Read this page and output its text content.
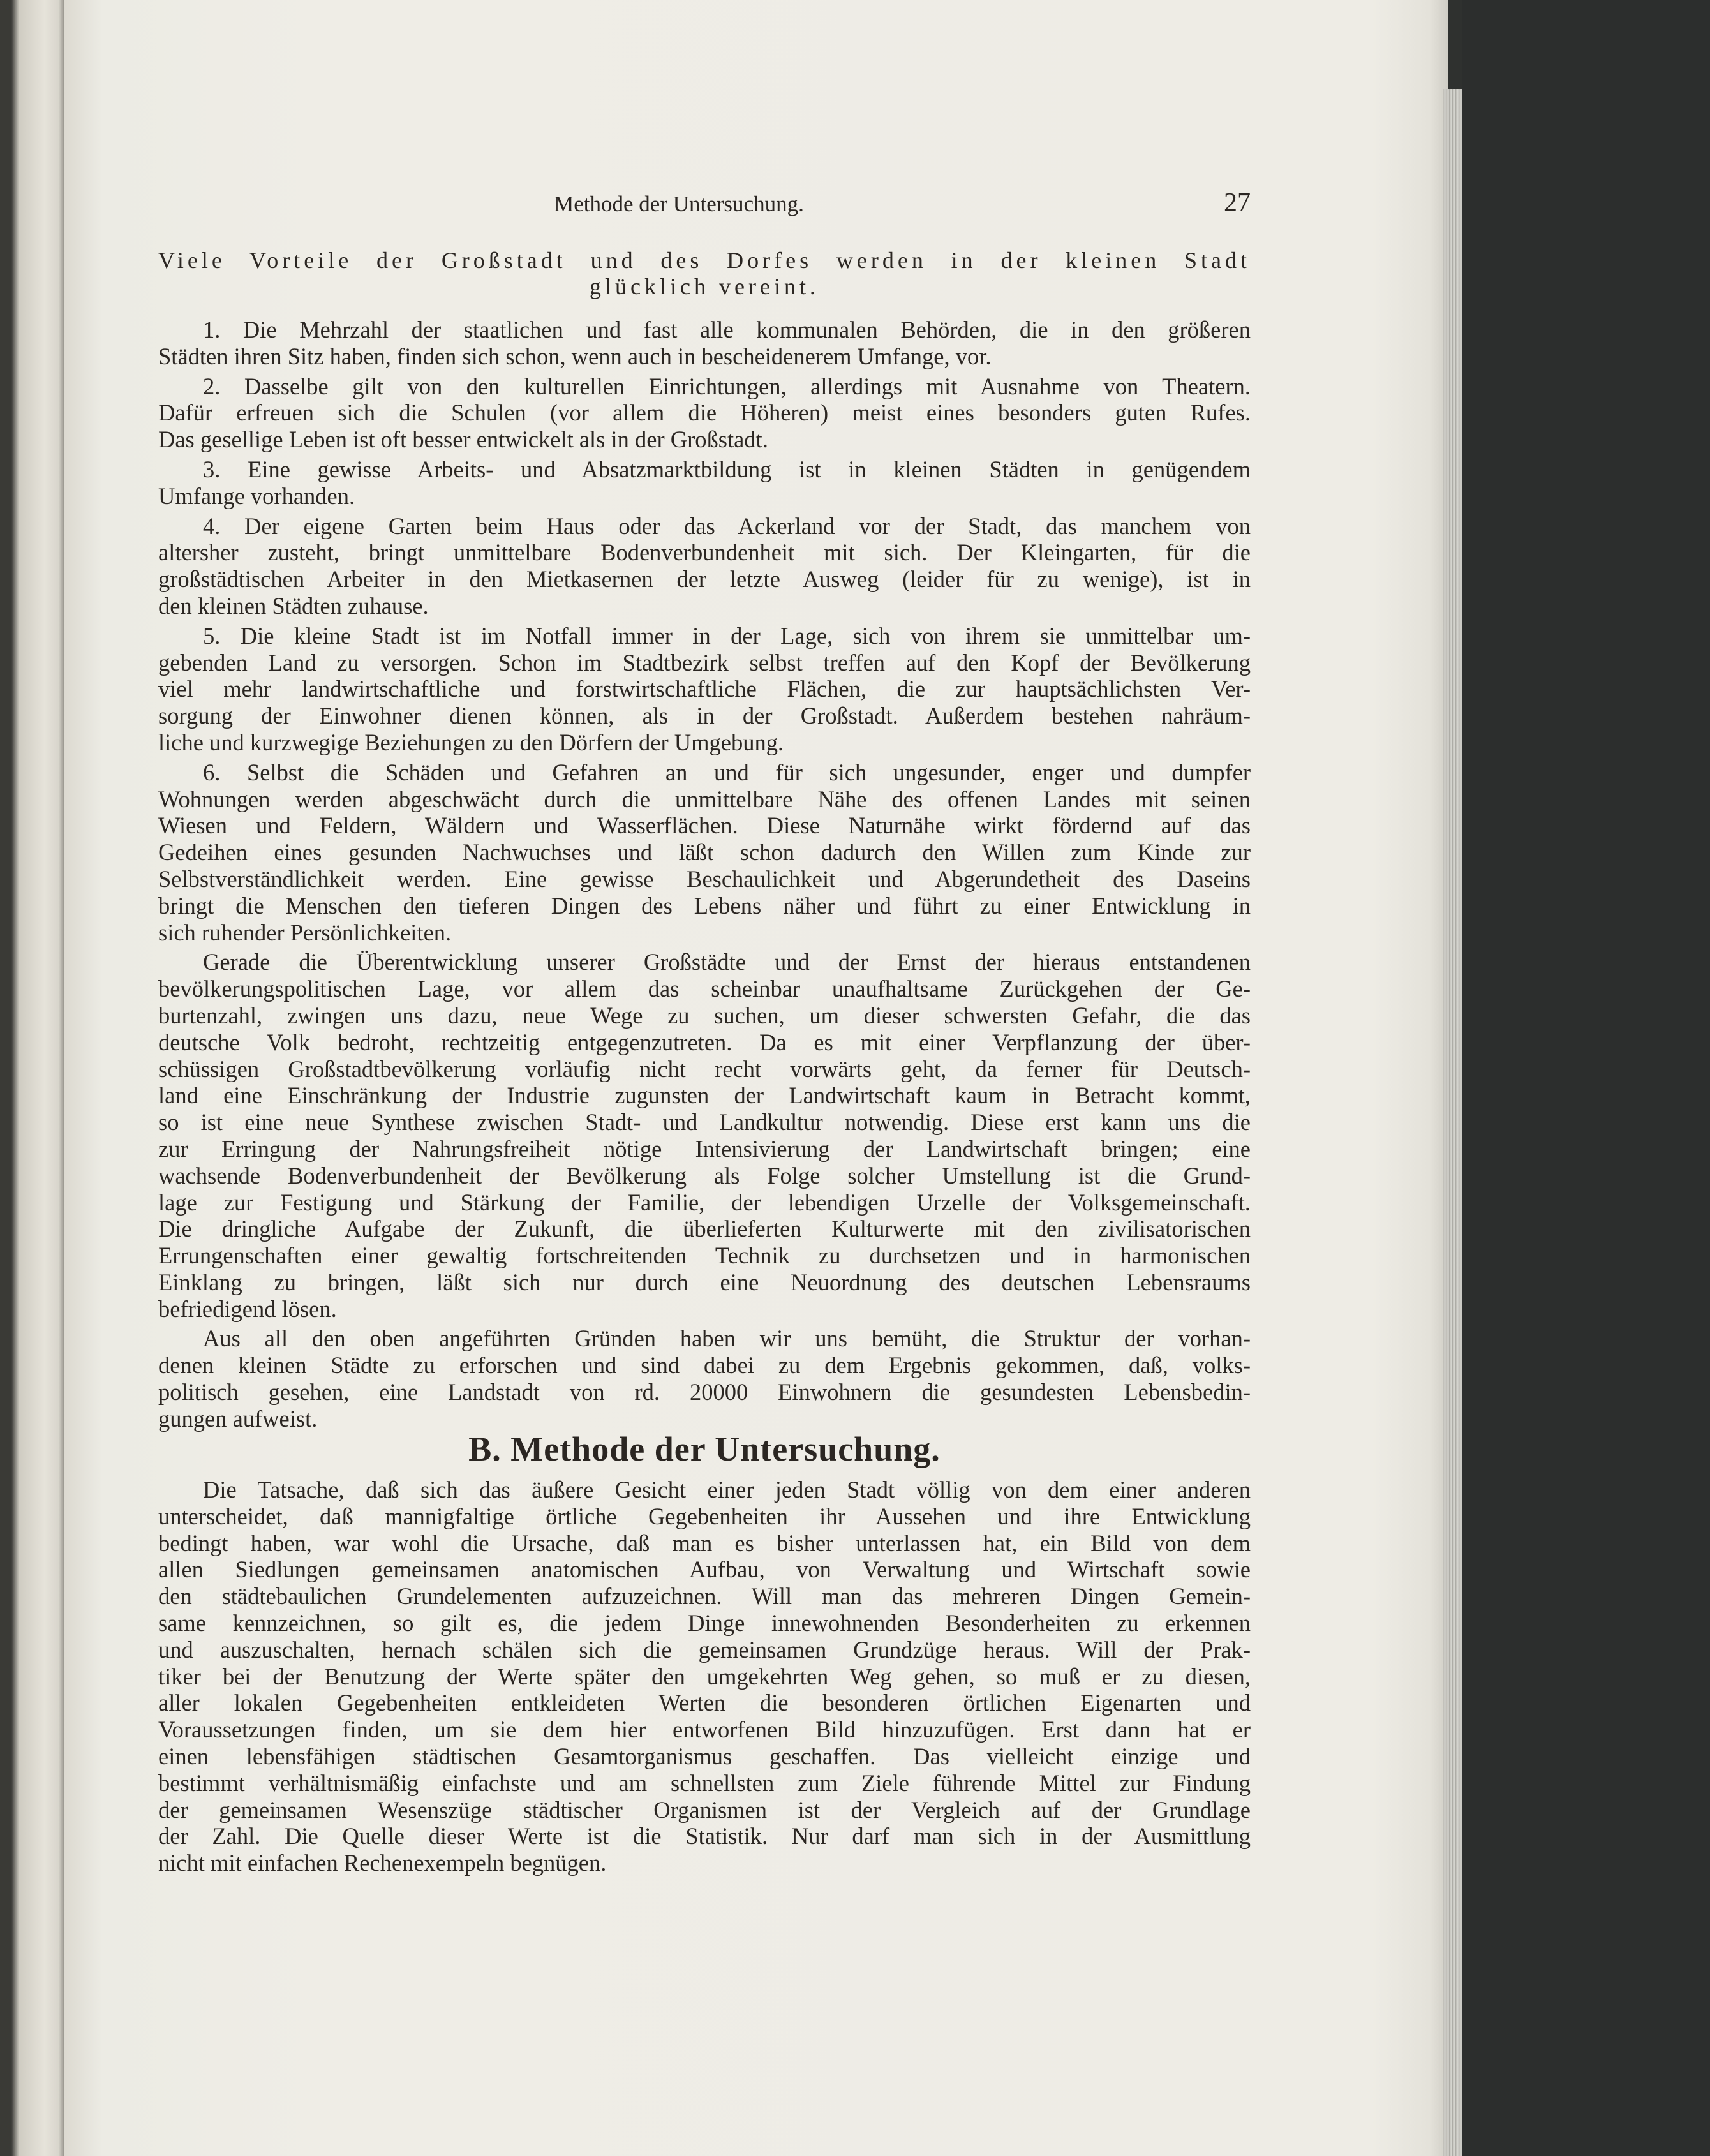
Methode der Untersuchung.	27
Viele Vorteile der Großstadt und des Dorfes werden in der kleinen Stadt
glücklich vereint.
1. Die Mehrzahl der staatlichen und fast alle kommunalen Behörden, die in den größeren
Städten ihren Sitz haben, finden sich schon, wenn auch in bescheidenerem Umfange, vor.
2. Dasselbe gilt von den kulturellen Einrichtungen, allerdings mit Ausnahme von Theatern.
Dafür erfreuen sich die Schulen (vor allem die Höheren) meist eines besonders guten Rufes.
Das gesellige Leben ist oft besser entwickelt als in der Großstadt.
3. Eine gewisse Arbeits- und Absatzmarktbildung ist in kleinen Städten in genügendem
Umfange vorhanden.
4. Der eigene Garten beim Haus oder das Ackerland vor der Stadt, das manchem von
altersher zusteht, bringt unmittelbare Bodenverbundenheit mit sich. Der Kleingarten, für die
großstädtischen Arbeiter in den Mietkasernen der letzte Ausweg (leider für zu wenige), ist in
den kleinen Städten zuhause.
5. Die kleine Stadt ist im Notfall immer in der Lage, sich von ihrem sie unmittelbar um-
gebenden Land zu versorgen. Schon im Stadtbezirk selbst treffen auf den Kopf der Bevölkerung
viel mehr landwirtschaftliche und forstwirtschaftliche Flächen, die zur hauptsächlichsten Ver-
sorgung der Einwohner dienen können, als in der Großstadt. Außerdem bestehen nahräum-
liche und kurzwegige Beziehungen zu den Dörfern der Umgebung.
6. Selbst die Schäden und Gefahren an und für sich ungesunder, enger und dumpfer
Wohnungen werden abgeschwächt durch die unmittelbare Nähe des offenen Landes mit seinen
Wiesen und Feldern, Wäldern und Wasserflächen. Diese Naturnähe wirkt fördernd auf das
Gedeihen eines gesunden Nachwuchses und läßt schon dadurch den Willen zum Kinde zur
Selbstverständlichkeit werden. Eine gewisse Beschaulichkeit und Abgerundetheit des Daseins
bringt die Menschen den tieferen Dingen des Lebens näher und führt zu einer Entwicklung in
sich ruhender Persönlichkeiten.
Gerade die Überentwicklung unserer Großstädte und der Ernst der hieraus entstandenen
bevölkerungspolitischen Lage, vor allem das scheinbar unaufhaltsame Zurückgehen der Ge-
burtenzahl, zwingen uns dazu, neue Wege zu suchen, um dieser schwersten Gefahr, die das
deutsche Volk bedroht, rechtzeitig entgegenzutreten. Da es mit einer Verpflanzung der über-
schüssigen Großstadtbevölkerung vorläufig nicht recht vorwärts geht, da ferner für Deutsch-
land eine Einschränkung der Industrie zugunsten der Landwirtschaft kaum in Betracht kommt,
so ist eine neue Synthese zwischen Stadt- und Landkultur notwendig. Diese erst kann uns die
zur Erringung der Nahrungsfreiheit nötige Intensivierung der Landwirtschaft bringen; eine
wachsende Bodenverbundenheit der Bevölkerung als Folge solcher Umstellung ist die Grund-
lage zur Festigung und Stärkung der Familie, der lebendigen Urzelle der Volksgemeinschaft.
Die dringliche Aufgabe der Zukunft, die überlieferten Kulturwerte mit den zivilisatorischen
Errungenschaften einer gewaltig fortschreitenden Technik zu durchsetzen und in harmonischen
Einklang zu bringen, läßt sich nur durch eine Neuordnung des deutschen Lebensraums
befriedigend lösen.
Aus all den oben angeführten Gründen haben wir uns bemüht, die Struktur der vorhan-
denen kleinen Städte zu erforschen und sind dabei zu dem Ergebnis gekommen, daß, volks-
politisch gesehen, eine Landstadt von rd. 20000 Einwohnern die gesundesten Lebensbedin-
gungen aufweist.
B. Methode der Untersuchung.
Die Tatsache, daß sich das äußere Gesicht einer jeden Stadt völlig von dem einer anderen
unterscheidet, daß mannigfaltige örtliche Gegebenheiten ihr Aussehen und ihre Entwicklung
bedingt haben, war wohl die Ursache, daß man es bisher unterlassen hat, ein Bild von dem
allen Siedlungen gemeinsamen anatomischen Aufbau, von Verwaltung und Wirtschaft sowie
den städtebaulichen Grundelementen aufzuzeichnen. Will man das mehreren Dingen Gemein-
same kennzeichnen, so gilt es, die jedem Dinge innewohnenden Besonderheiten zu erkennen
und auszuschalten, hernach schälen sich die gemeinsamen Grundzüge heraus. Will der Prak-
tiker bei der Benutzung der Werte später den umgekehrten Weg gehen, so muß er zu diesen,
aller lokalen Gegebenheiten entkleideten Werten die besonderen örtlichen Eigenarten und
Voraussetzungen finden, um sie dem hier entworfenen Bild hinzuzufügen. Erst dann hat er
einen lebensfähigen städtischen Gesamtorganismus geschaffen. Das vielleicht einzige und
bestimmt verhältnismäßig einfachste und am schnellsten zum Ziele führende Mittel zur Findung
der gemeinsamen Wesenszüge städtischer Organismen ist der Vergleich auf der Grundlage
der Zahl. Die Quelle dieser Werte ist die Statistik. Nur darf man sich in der Ausmittlung
nicht mit einfachen Rechenexempeln begnügen.
